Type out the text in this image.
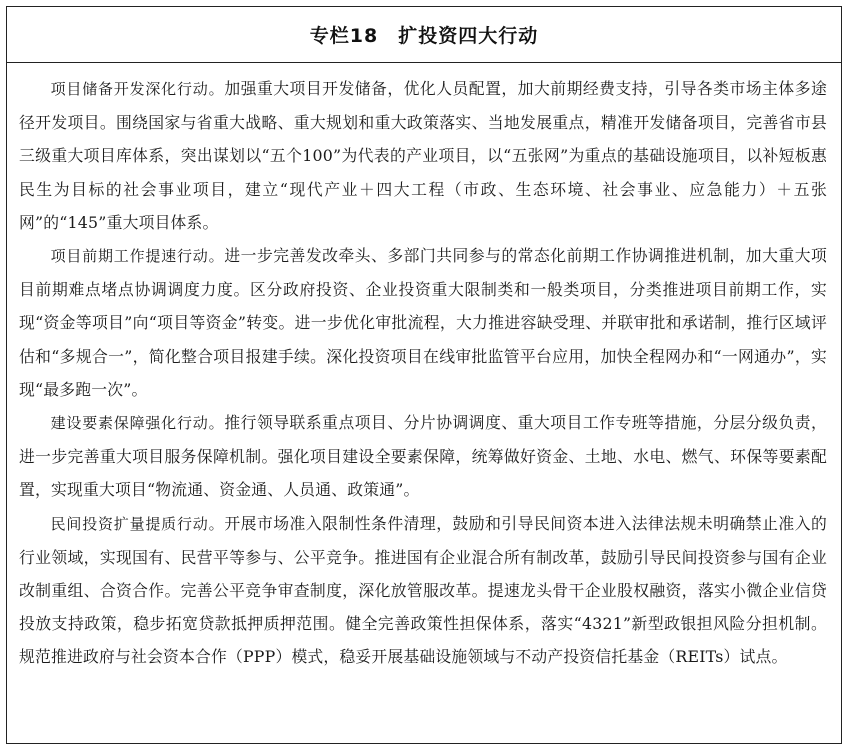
专栏18　扩投资四大行动

项目储备开发深化行动。加强重大项目开发储备，优化人员配置，加大前期经费支持，引导各类市场主体多途径开发项目。围绕国家与省重大战略、重大规划和重大政策落实、当地发展重点，精准开发储备项目，完善省市县三级重大项目库体系，突出谋划以“五个100”为代表的产业项目，以“五张网”为重点的基础设施项目，以补短板惠民生为目标的社会事业项目，建立“现代产业＋四大工程（市政、生态环境、社会事业、应急能力）＋五张网”的“145”重大项目体系。

项目前期工作提速行动。进一步完善发改牵头、多部门共同参与的常态化前期工作协调推进机制，加大重大项目前期难点堵点协调调度力度。区分政府投资、企业投资重大限制类和一般类项目，分类推进项目前期工作，实现“资金等项目”向“项目等资金”转变。进一步优化审批流程，大力推进容缺受理、并联审批和承诺制，推行区域评估和“多规合一”，简化整合项目报建手续。深化投资项目在线审批监管平台应用，加快全程网办和“一网通办”，实现“最多跑一次”。

建设要素保障强化行动。推行领导联系重点项目、分片协调调度、重大项目工作专班等措施，分层分级负责，进一步完善重大项目服务保障机制。强化项目建设全要素保障，统筹做好资金、土地、水电、燃气、环保等要素配置，实现重大项目“物流通、资金通、人员通、政策通”。

民间投资扩量提质行动。开展市场准入限制性条件清理，鼓励和引导民间资本进入法律法规未明确禁止准入的行业领域，实现国有、民营平等参与、公平竞争。推进国有企业混合所有制改革，鼓励引导民间投资参与国有企业改制重组、合资合作。完善公平竞争审查制度，深化放管服改革。提速龙头骨干企业股权融资，落实小微企业信贷投放支持政策，稳步拓宽贷款抵押质押范围。健全完善政策性担保体系，落实“4321”新型政银担风险分担机制。规范推进政府与社会资本合作（PPP）模式，稳妥开展基础设施领域与不动产投资信托基金（REITs）试点。
